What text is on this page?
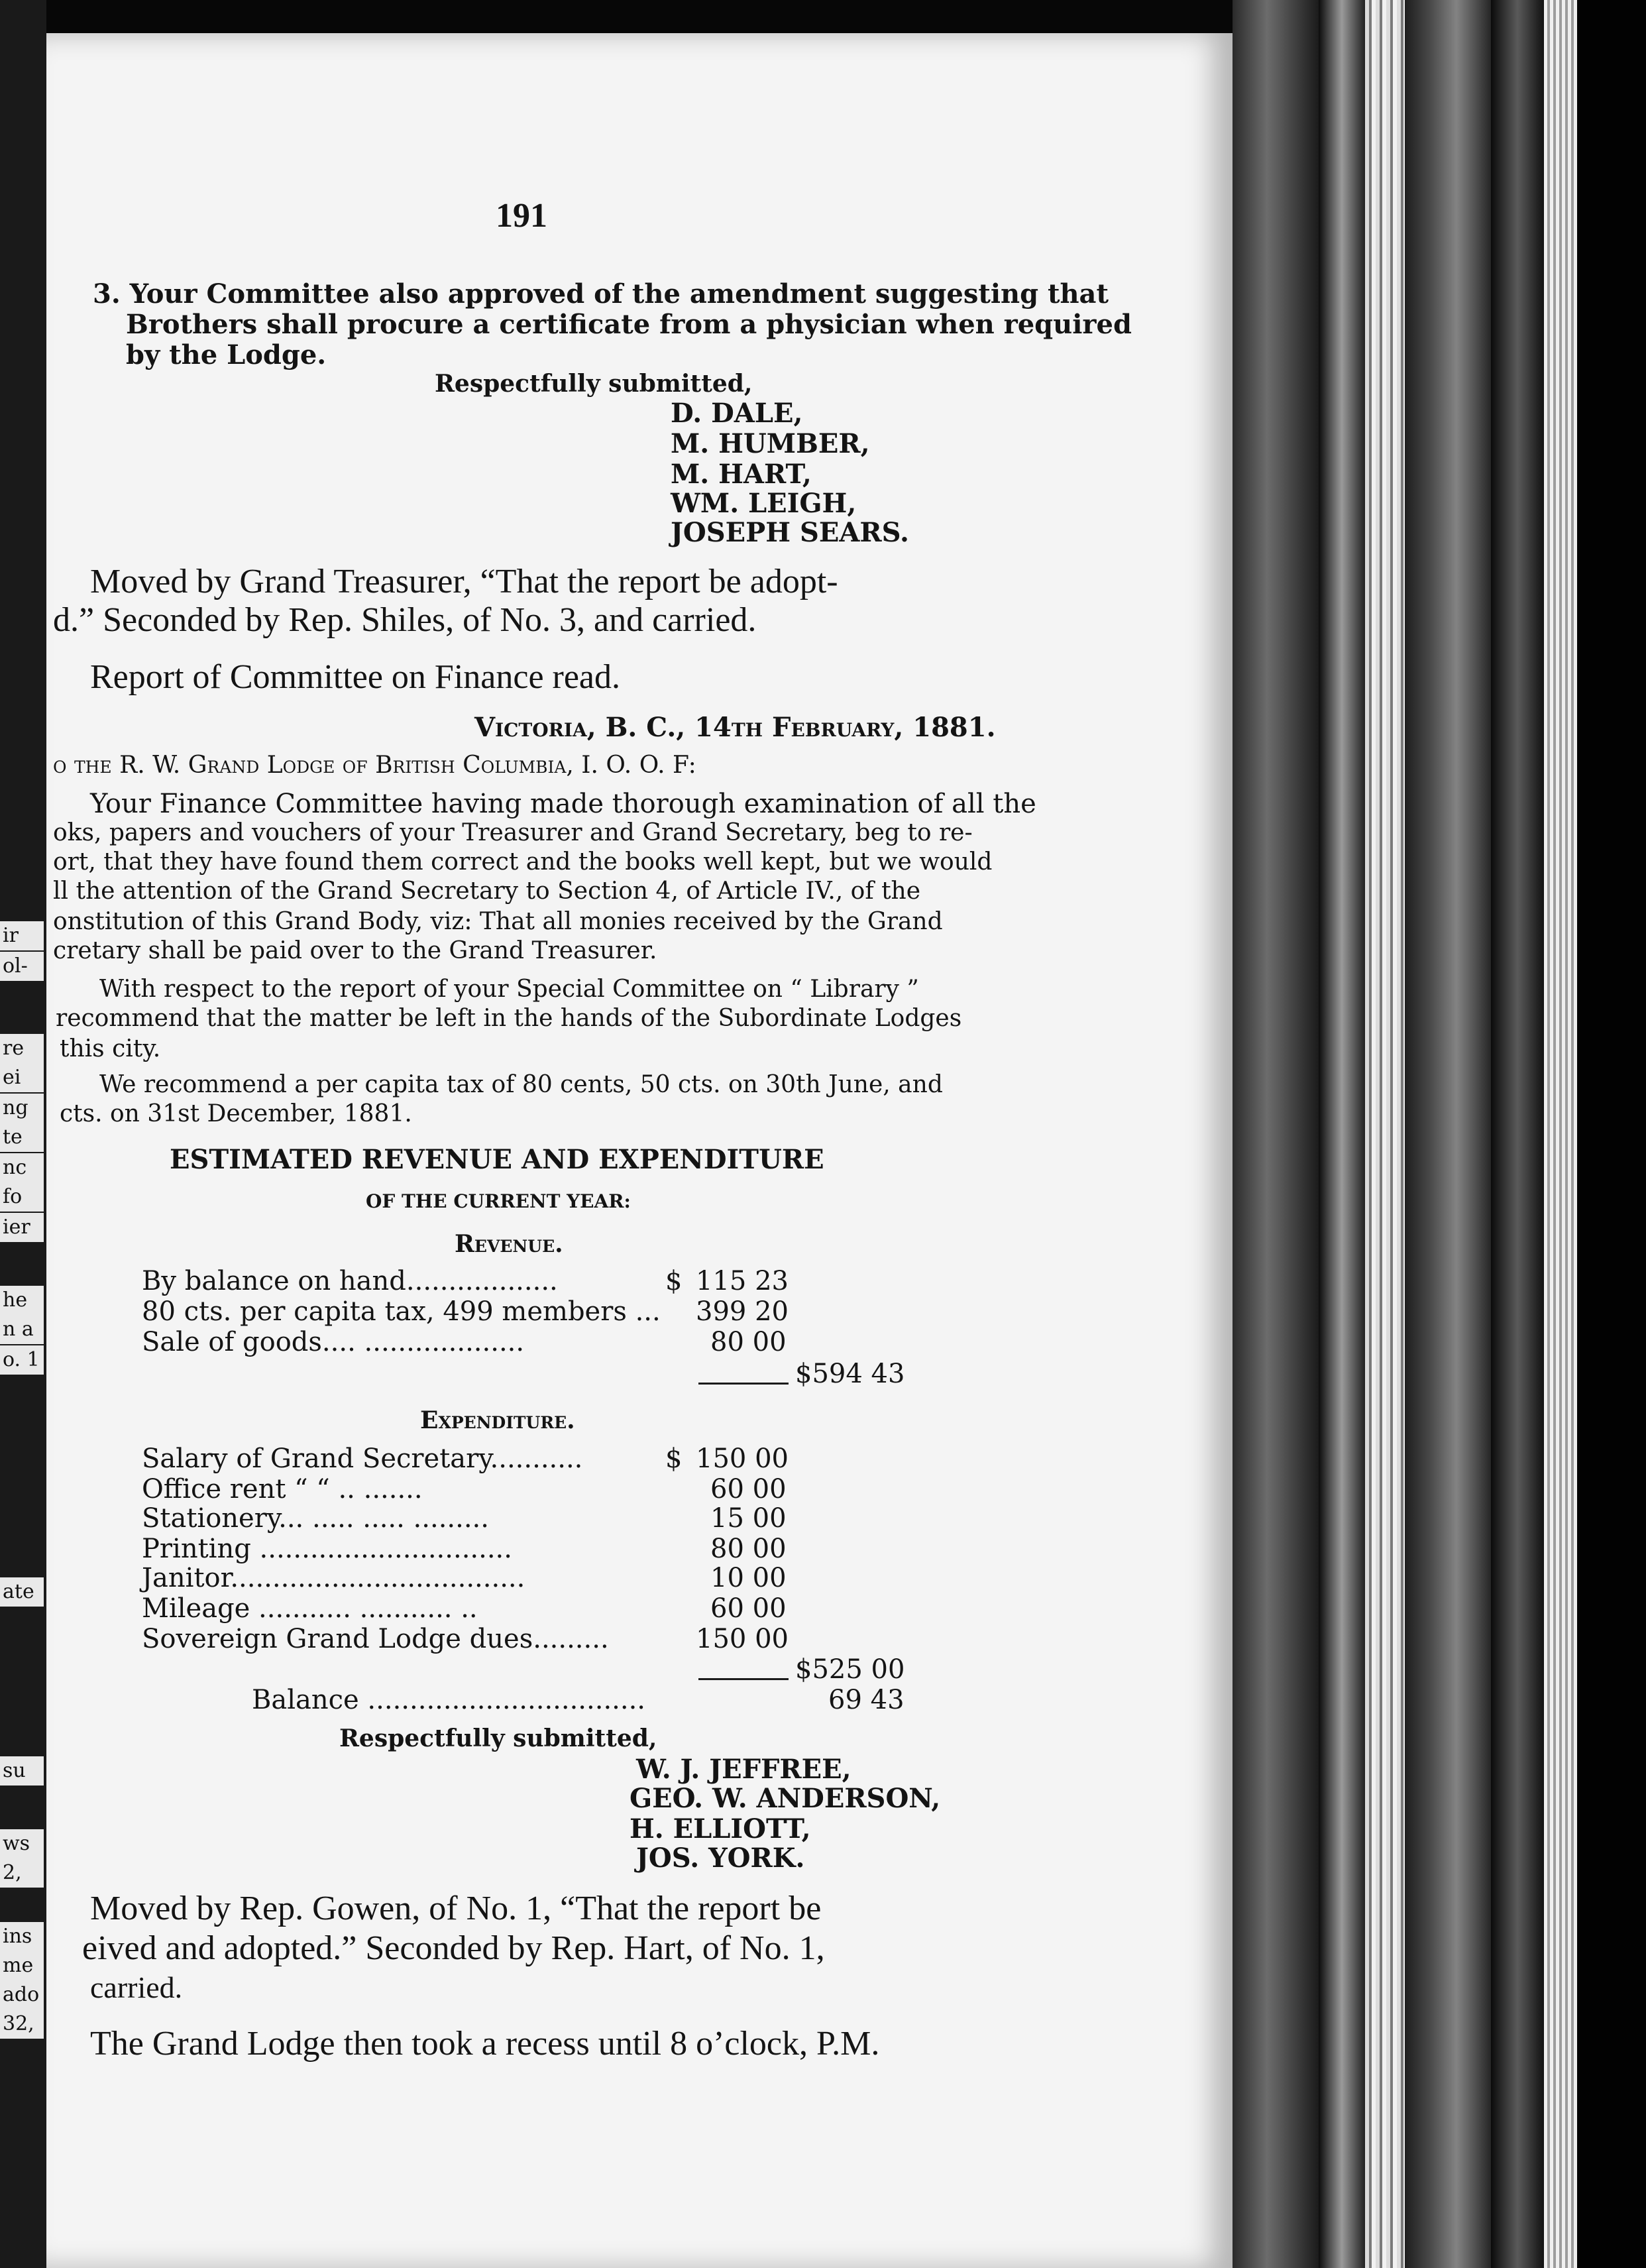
ir
ol-
re
ei
ng
te
nc
fo
ier
he
n a
o. 1
ate
su
ws
2,
ins
me
ado
32,
191
3. Your Committee also approved of the amendment suggesting that
Brothers shall procure a certificate from a physician when required
by the Lodge.
Respectfully submitted,
D. DALE,
M. HUMBER,
M. HART,
WM. LEIGH,
JOSEPH SEARS.
Moved by Grand Treasurer, “That the report be adopt-
d.” Seconded by Rep. Shiles, of No. 3, and carried.
Report of Committee on Finance read.
Victoria, B. C., 14th February, 1881.
o the R. W. Grand Lodge of British Columbia, I. O. O. F:
Your Finance Committee having made thorough examination of all the
oks, papers and vouchers of your Treasurer and Grand Secretary, beg to re-
ort, that they have found them correct and the books well kept, but we would
ll the attention of the Grand Secretary to Section 4, of Article IV., of the
onstitution of this Grand Body, viz: That all monies received by the Grand
cretary shall be paid over to the Grand Treasurer.
With respect to the report of your Special Committee on “ Library ”
recommend that the matter be left in the hands of the Subordinate Lodges
this city.
We recommend a per capita tax of 80 cents, 50 cts. on 30th June, and
cts. on 31st December, 1881.
ESTIMATED REVENUE AND EXPENDITURE
OF THE CURRENT YEAR:
Revenue.
By balance on hand..................	$ 115 23
80 cts. per capita tax, 499 members ... 399 20
Sale of goods.... ...................	80 00
$594 43
Expenditure.
Salary of Grand Secretary...........	$ 150 00
Office rent “ “ .. .......	60 00
Stationery... ..... ..... .........	15 00
Printing ..............................	80 00
Janitor...................................	10 00
Mileage ........... ........... ..	60 00
Sovereign Grand Lodge dues.........	150 00
$525 00
Balance .................................	69 43
Respectfully submitted,
W. J. JEFFREE,
GEO. W. ANDERSON,
H. ELLIOTT,
JOS. YORK.
Moved by Rep. Gowen, of No. 1, “That the report be
eived and adopted.” Seconded by Rep. Hart, of No. 1,
carried.
The Grand Lodge then took a recess until 8 o’clock, P.M.
